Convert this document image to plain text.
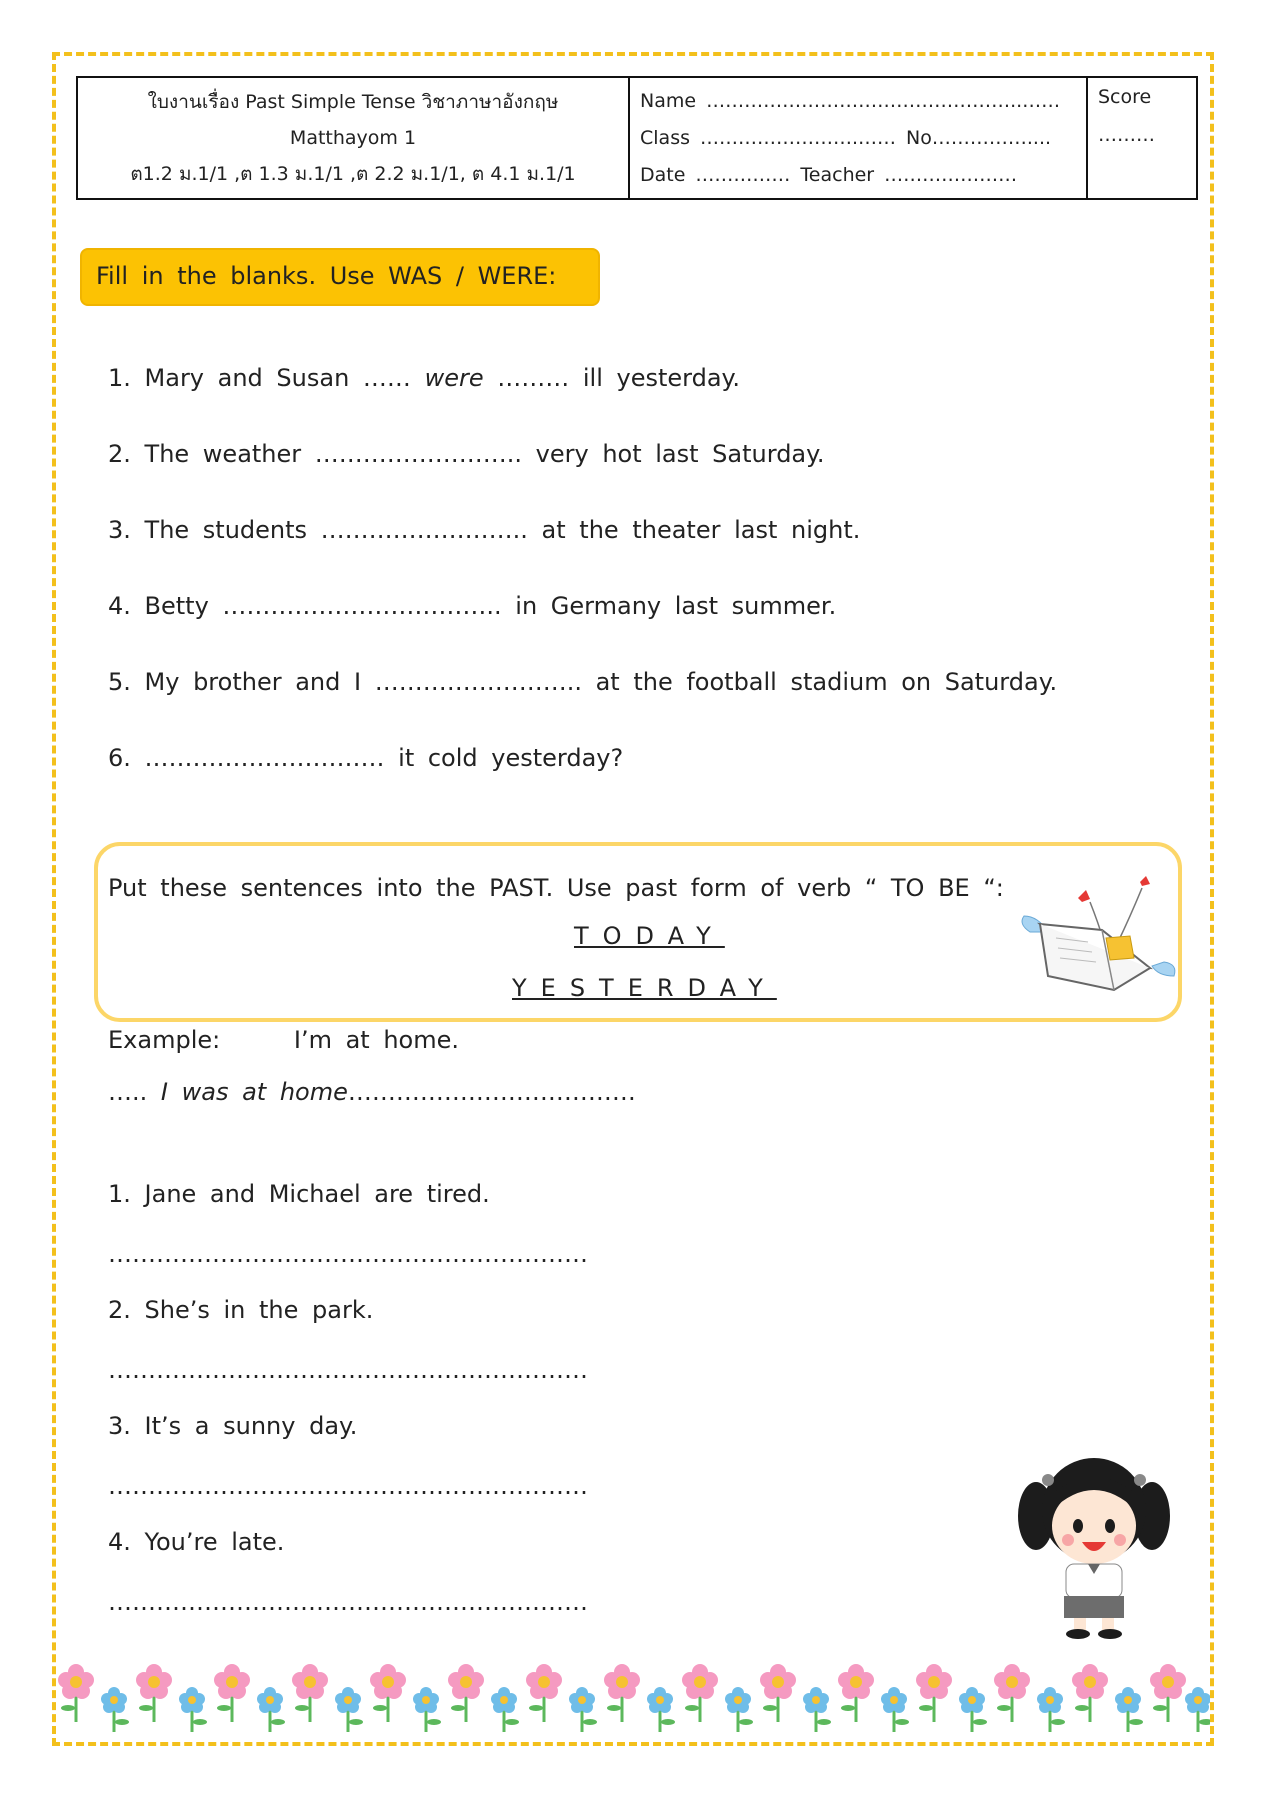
ใบงานเรื่อง Past Simple Tense วิชาภาษาอังกฤษ
Matthayom 1
ต1.2 ม.1/1 ,ต 1.3 ม.1/1 ,ต 2.2 ม.1/1, ต 4.1 ม.1/1
Name …………………………………………..……
Class …………………….…… No……………....
Date …………… Teacher …………………
Score
………
Fill in the blanks. Use WAS / WERE:
1. Mary and Susan …… were ……… ill yesterday.
2. The weather …………………….. very hot last Saturday.
3. The students …………………….. at the theater last night.
4. Betty …………………………….. in Germany last summer.
5. My brother and I …………………….. at the football stadium on Saturday.
6. ………………………… it cold yesterday?
Put these sentences into the PAST. Use past form of verb “ TO BE “:
TODAY
YESTERDAY
Example:	I’m at home.
….. I was at home………………………………
1. Jane and Michael are tired.
……………………………………………………
2. She’s in the park.
……………………………………………………
3. It’s a sunny day.
……………………………………………………
4. You’re late.
……………………………………………………
